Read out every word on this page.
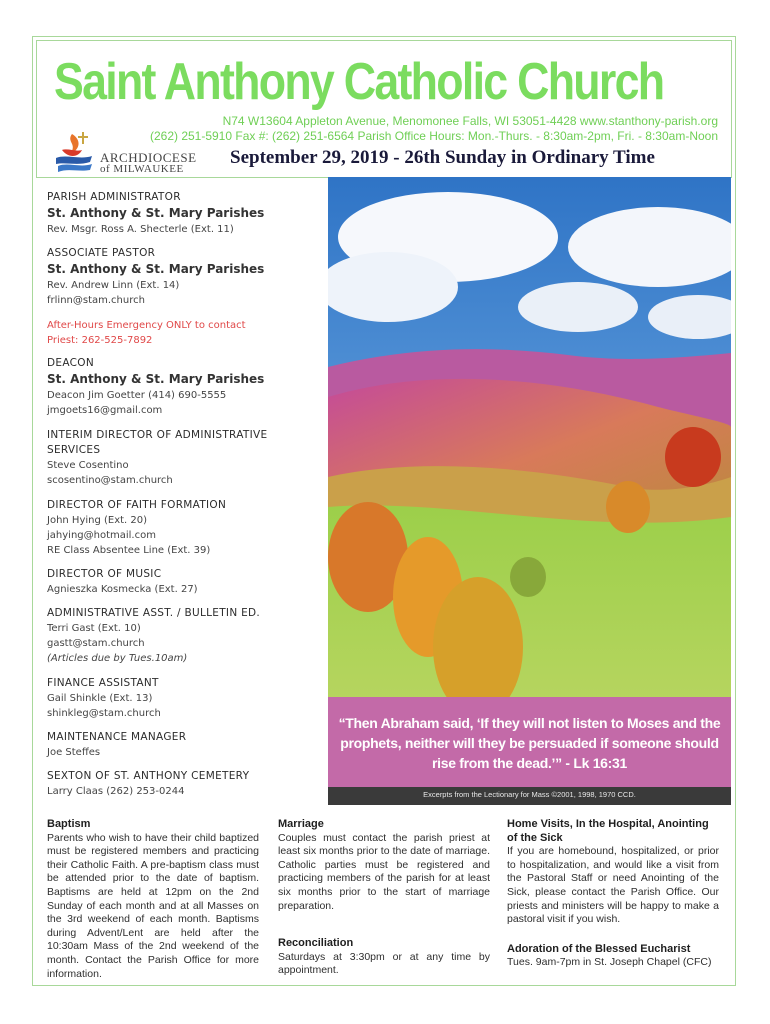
Saint Anthony Catholic Church
N74 W13604 Appleton Avenue, Menomonee Falls, WI 53051-4428 www.stanthony-parish.org
(262) 251-5910 Fax #: (262) 251-6564 Parish Office Hours: Mon.-Thurs. - 8:30am-2pm, Fri. - 8:30am-Noon
ARCHDIOCESE
of MILWAUKEE
September 29, 2019 - 26th Sunday in Ordinary Time
PARISH ADMINISTRATOR
St. Anthony & St. Mary Parishes
Rev. Msgr. Ross A. Shecterle (Ext. 11)
ASSOCIATE PASTOR
St. Anthony & St. Mary Parishes
Rev. Andrew Linn (Ext. 14)
frlinn@stam.church
After-Hours Emergency ONLY to contact
Priest: 262-525-7892
DEACON
St. Anthony & St. Mary Parishes
Deacon Jim Goetter (414) 690-5555
jmgoets16@gmail.com
INTERIM DIRECTOR OF ADMINISTRATIVE
SERVICES
Steve Cosentino
scosentino@stam.church
DIRECTOR OF FAITH FORMATION
John Hying (Ext. 20)
jahying@hotmail.com
RE Class Absentee Line (Ext. 39)
DIRECTOR OF MUSIC
Agnieszka Kosmecka (Ext. 27)
ADMINISTRATIVE ASST. / BULLETIN ED.
Terri Gast (Ext. 10)
gastt@stam.church
(Articles due by Tues.10am)
FINANCE ASSISTANT
Gail Shinkle (Ext. 13)
shinkleg@stam.church
MAINTENANCE MANAGER
Joe Steffes
SEXTON OF ST. ANTHONY CEMETERY
Larry Claas (262) 253-0244
“Then Abraham said, ‘If they will not listen to Moses and the prophets, neither will they be persuaded if someone should rise from the dead.’” - Lk 16:31
Excerpts from the Lectionary for Mass ©2001, 1998, 1970 CCD.
Baptism

Parents who wish to have their child baptized must be registered members and practicing their Catholic Faith. A pre-baptism class must be attended prior to the date of baptism. Baptisms are held at 12pm on the 2nd Sunday of each month and at all Masses on the 3rd weekend of each month. Baptisms during Advent/Lent are held after the 10:30am Mass of the 2nd weekend of the month. Contact the Parish Office for more information.

Marriage

Couples must contact the parish priest at least six months prior to the date of marriage. Catholic parties must be registered and practicing members of the parish for at least six months prior to the start of marriage preparation.

Reconciliation

Saturdays at 3:30pm or at any time by appointment.

Home Visits, In the Hospital, Anointing of the Sick

If you are homebound, hospitalized, or prior to hospitalization, and would like a visit from the Pastoral Staff or need Anointing of the Sick, please contact the Parish Office. Our priests and ministers will be happy to make a pastoral visit if you wish.

Adoration of the Blessed Eucharist

Tues. 9am-7pm in St. Joseph Chapel (CFC)
